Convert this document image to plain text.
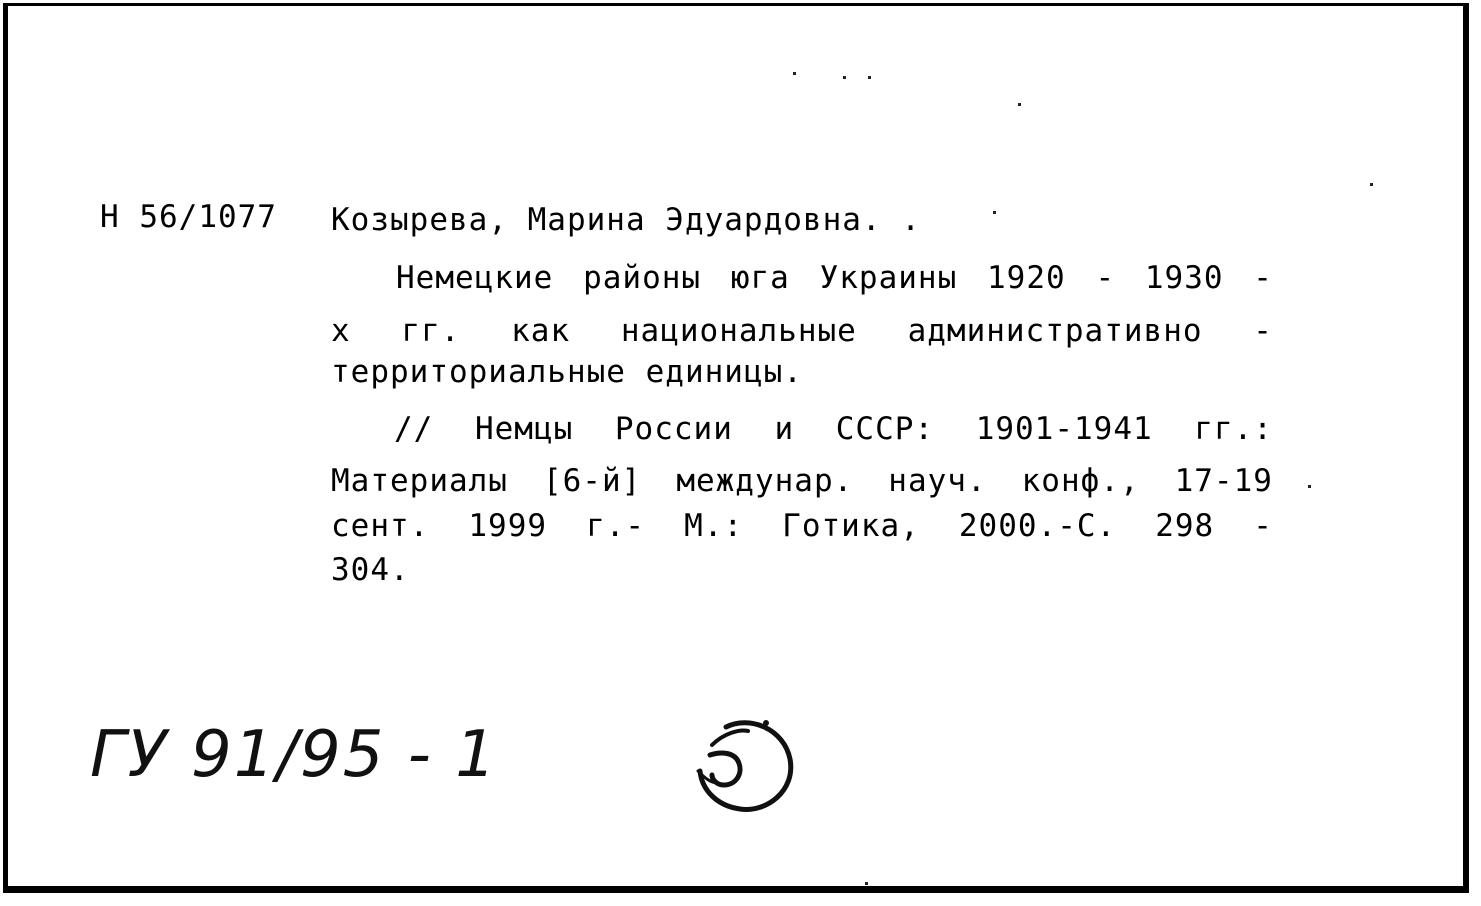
Н 56/1077 Козырева, Марина Эдуардовна. .
Немецкие районы юга Украины 1920 - 1930 -
х гг. как национальные административно -
территориальные единицы.
// Немцы России и СССР: 1901-1941 гг.:
Материалы [6-й] междунар. науч. конф., 17-19
сент. 1999 г.- М.: Готика, 2000.-С. 298 -
304.
ГУ 91/95 - 1
